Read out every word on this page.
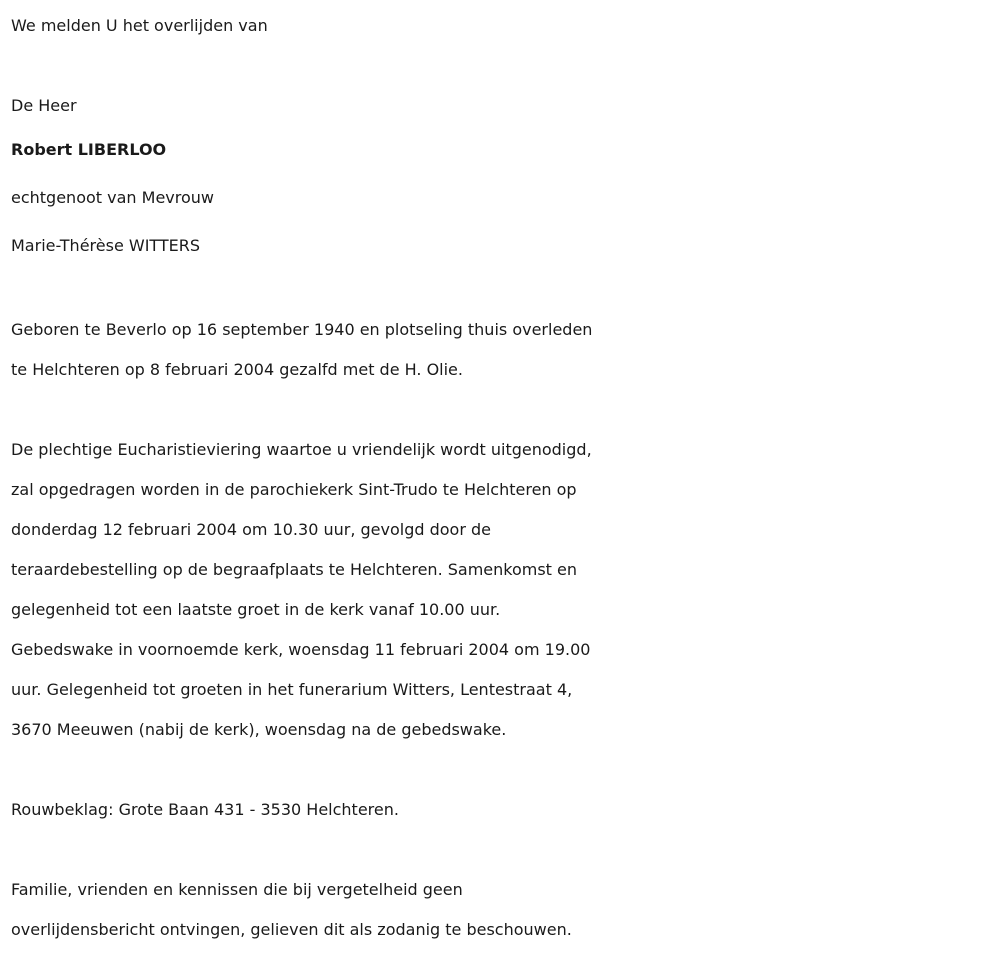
We melden U het overlijden van
De Heer
Robert LIBERLOO
echtgenoot van Mevrouw
Marie-Thérèse WITTERS
Geboren te Beverlo op 16 september 1940 en plotseling thuis overleden
te Helchteren op 8 februari 2004 gezalfd met de H. Olie.
De plechtige Eucharistieviering waartoe u vriendelijk wordt uitgenodigd,
zal opgedragen worden in de parochiekerk Sint-Trudo te Helchteren op
donderdag 12 februari 2004 om 10.30 uur, gevolgd door de
teraardebestelling op de begraafplaats te Helchteren. Samenkomst en
gelegenheid tot een laatste groet in de kerk vanaf 10.00 uur.
Gebedswake in voornoemde kerk, woensdag 11 februari 2004 om 19.00
uur. Gelegenheid tot groeten in het funerarium Witters, Lentestraat 4,
3670 Meeuwen (nabij de kerk), woensdag na de gebedswake.
Rouwbeklag: Grote Baan 431 - 3530 Helchteren.
Familie, vrienden en kennissen die bij vergetelheid geen
overlijdensbericht ontvingen, gelieven dit als zodanig te beschouwen.
